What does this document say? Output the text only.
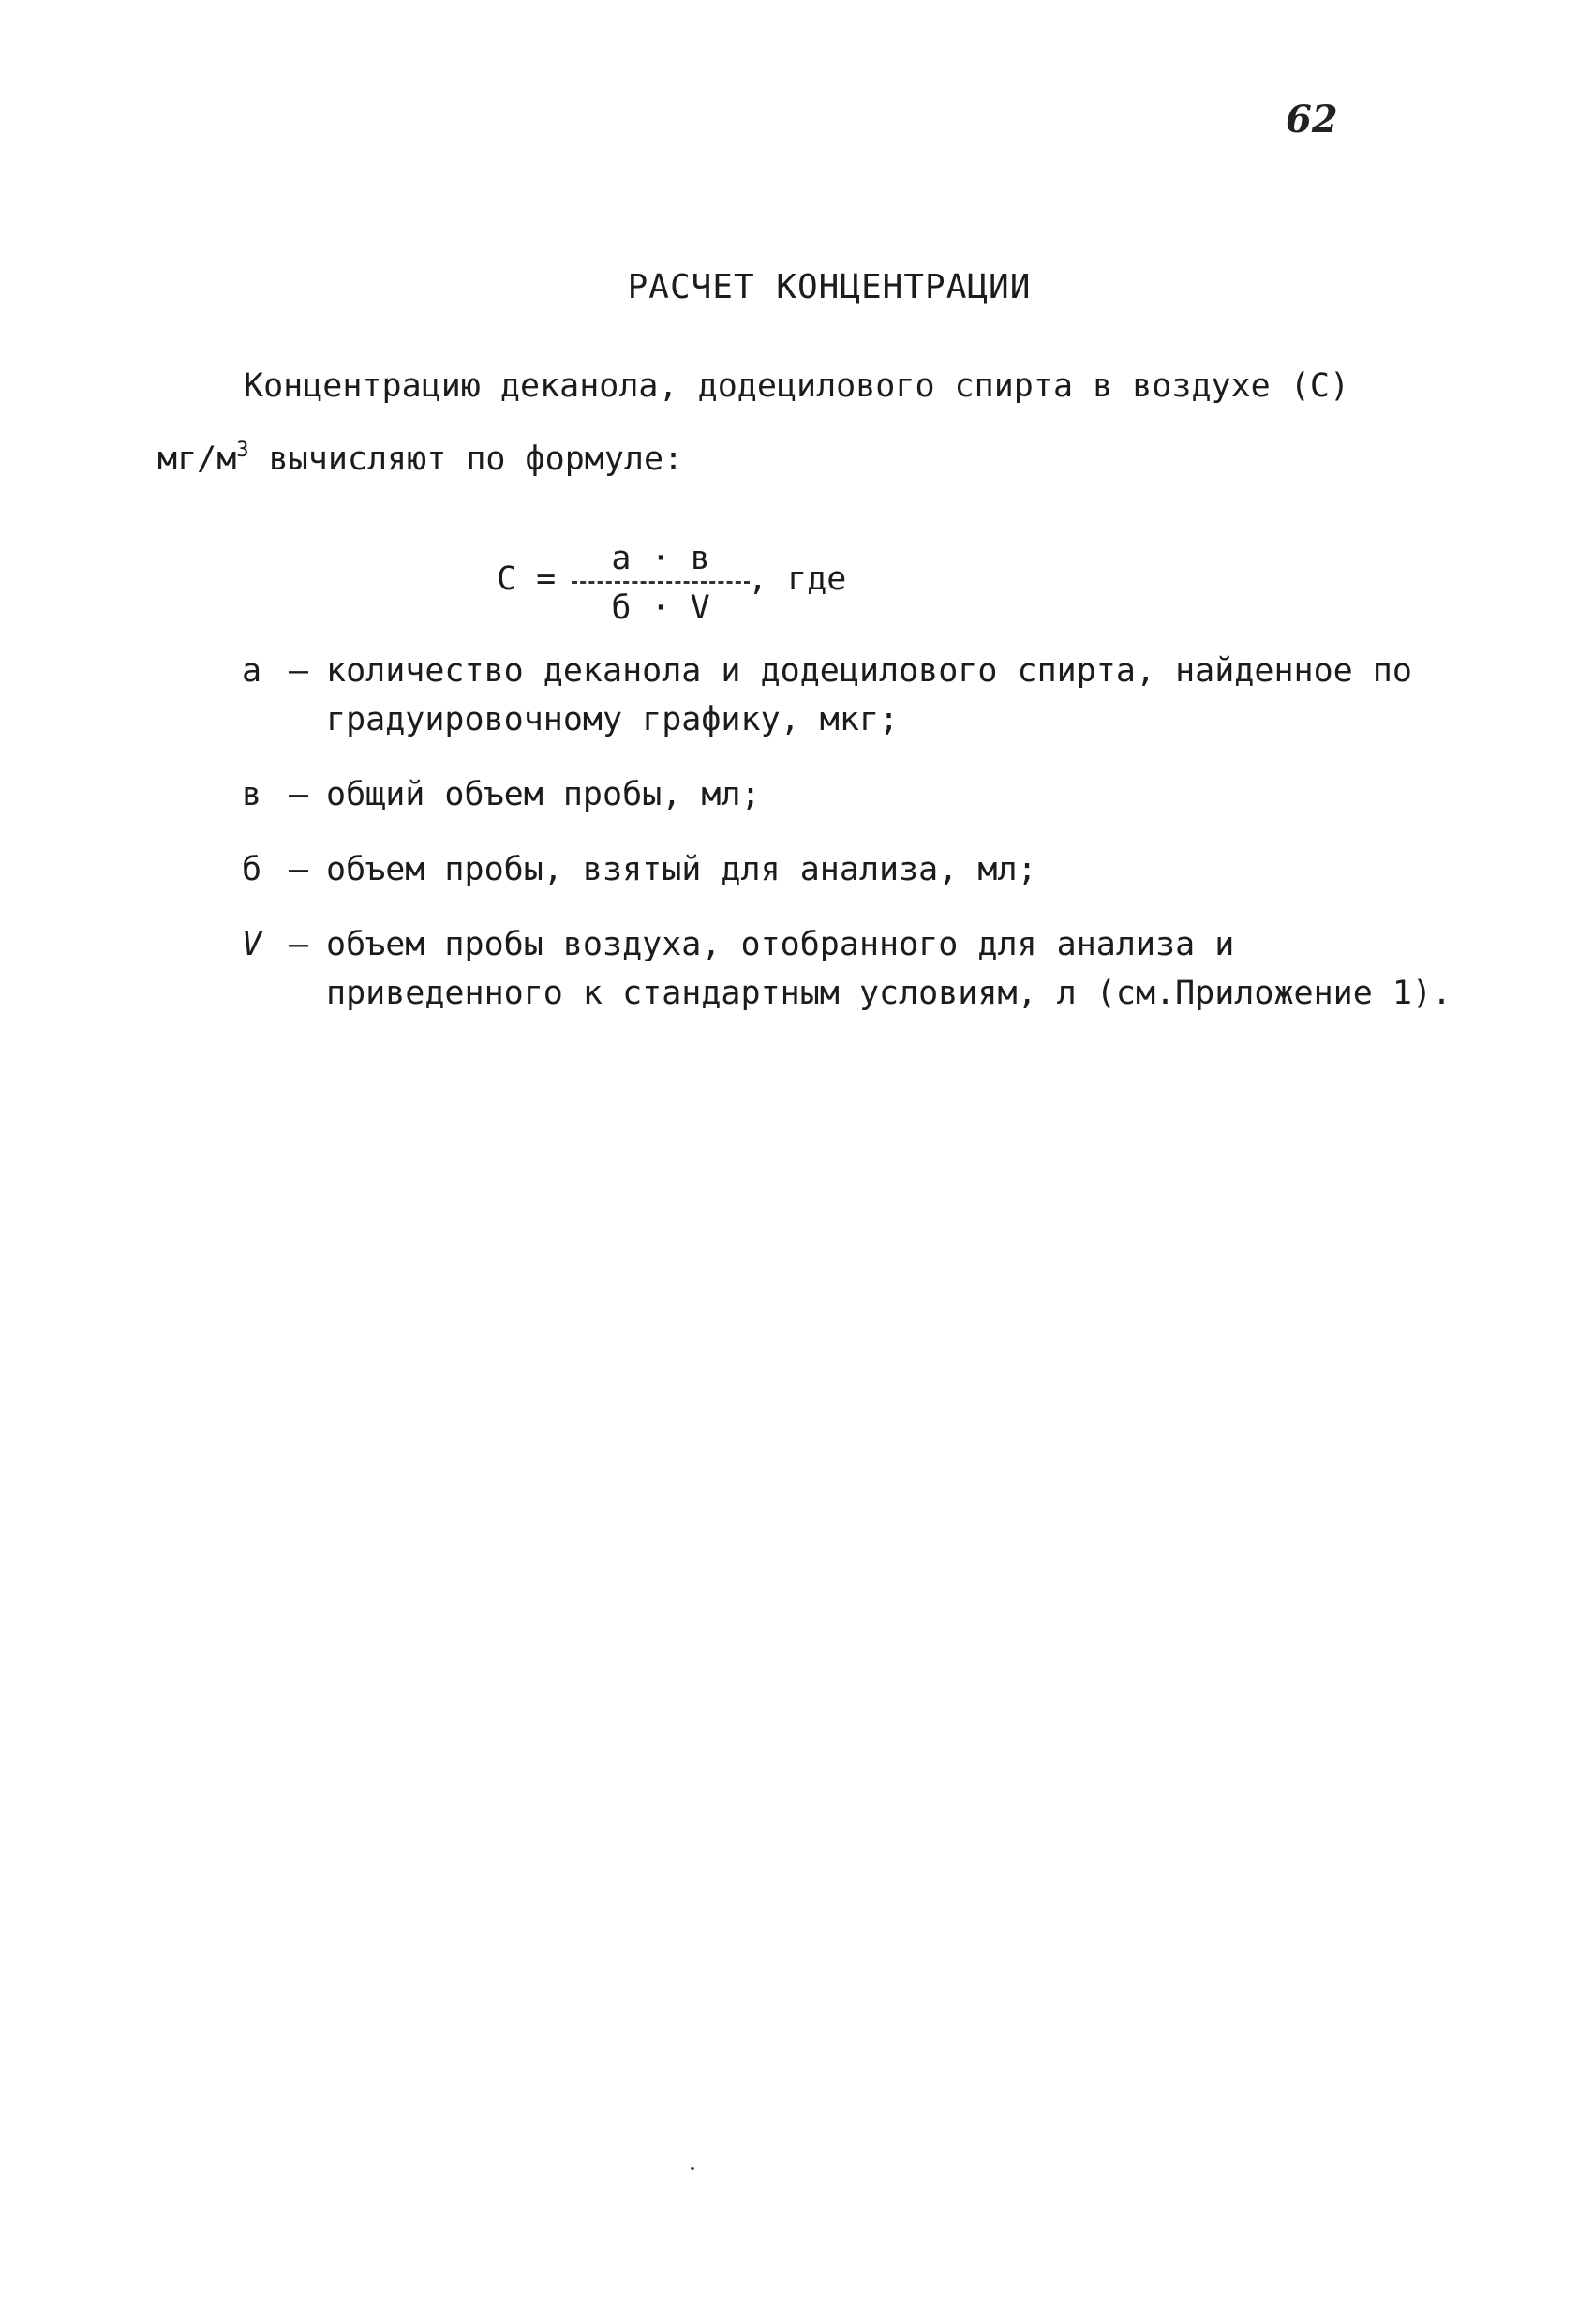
62
РАСЧЕТ КОНЦЕНТРАЦИИ
Концентрацию деканола, додецилового спирта в воздухе (С)
$мг/м^3$ вычисляют по формуле:
С =
а · в
б · V
, где
а – количество деканола и додецилового спирта, найденное по градуировочному графику, мкг;
в – общий объем пробы, мл;
б – объем пробы, взятый для анализа, мл;
V – объем пробы воздуха, отобранного для анализа и приведенного к стандартным условиям, л (см.Приложение 1).
